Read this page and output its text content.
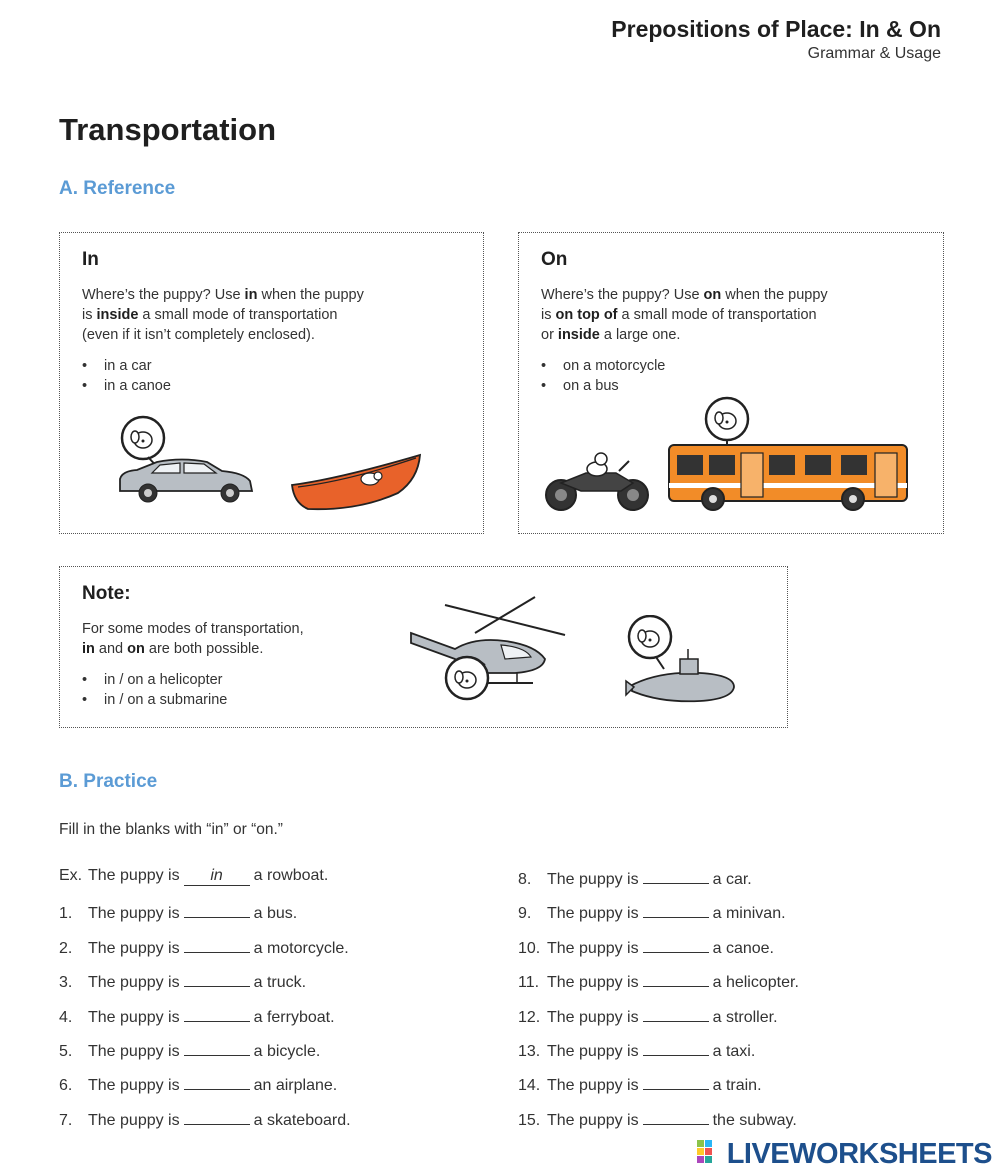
Prepositions of Place: In & On
Grammar & Usage
Transportation
A. Reference
In
Where’s the puppy? Use in when the puppy
is inside a small mode of transportation
(even if it isn’t completely enclosed).
• in a car
• in a canoe
On
Where’s the puppy? Use on when the puppy
is on top of a small mode of transportation
or inside a large one.
• on a motorcycle
• on a bus
Note:
For some modes of transportation,
in and on are both possible.
• in / on a helicopter
• in / on a submarine
B. Practice
Fill in the blanks with “in” or “on.”
Ex. The puppy is in a rowboat.
1. The puppy is	a bus.
2. The puppy is	a motorcycle.
3. The puppy is	a truck.
4. The puppy is	a ferryboat.
5. The puppy is	a bicycle.
6. The puppy is	an airplane.
7. The puppy is	a skateboard.
8. The puppy is	a car.
9. The puppy is	a minivan.
10. The puppy is	a canoe.
11. The puppy is	a helicopter.
12. The puppy is	a stroller.
13. The puppy is	a taxi.
14. The puppy is	a train.
15. The puppy is	the subway.
LIVEWORKSHEETS
